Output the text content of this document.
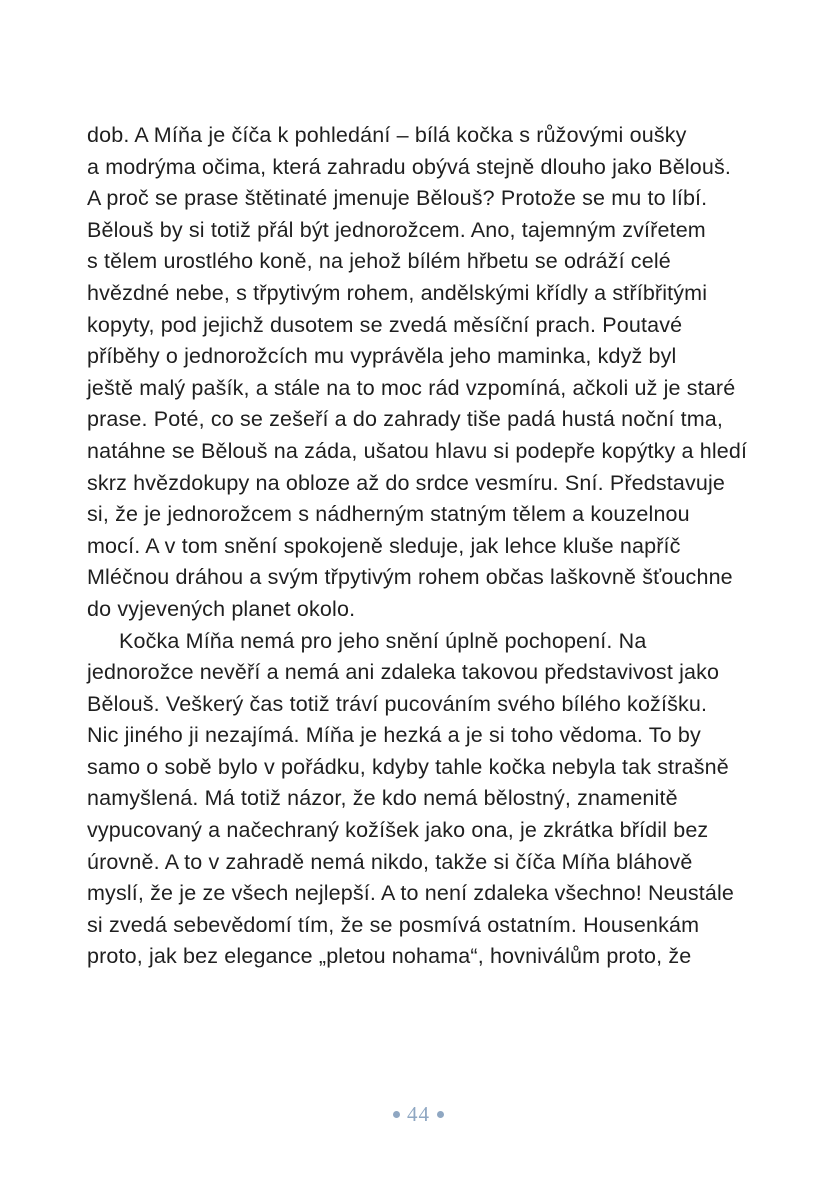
dob. A Míňa je číča k pohledání – bílá kočka s růžovými oušky
a modrýma očima, která zahradu obývá stejně dlouho jako Bělouš.
A proč se prase štětinaté jmenuje Bělouš? Protože se mu to líbí.
Bělouš by si totiž přál být jednorožcem. Ano, tajemným zvířetem
s tělem urostlého koně, na jehož bílém hřbetu se odráží celé
hvězdné nebe, s třpytivým rohem, andělskými křídly a stříbřitými
kopyty, pod jejichž dusotem se zvedá měsíční prach. Poutavé
příběhy o jednorožcích mu vyprávěla jeho maminka, když byl
ještě malý pašík, a stále na to moc rád vzpomíná, ačkoli už je staré
prase. Poté, co se zešeří a do zahrady tiše padá hustá noční tma,
natáhne se Bělouš na záda, ušatou hlavu si podepře kopýtky a hledí
skrz hvězdokupy na obloze až do srdce vesmíru. Sní. Představuje
si, že je jednorožcem s nádherným statným tělem a kouzelnou
mocí. A v tom snění spokojeně sleduje, jak lehce kluše napříč
Mléčnou dráhou a svým třpytivým rohem občas laškovně šťouchne
do vyjevených planet okolo.
Kočka Míňa nemá pro jeho snění úplně pochopení. Na
jednorožce nevěří a nemá ani zdaleka takovou představivost jako
Bělouš. Veškerý čas totiž tráví pucováním svého bílého kožíšku.
Nic jiného ji nezajímá. Míňa je hezká a je si toho vědoma. To by
samo o sobě bylo v pořádku, kdyby tahle kočka nebyla tak strašně
namyšlená. Má totiž názor, že kdo nemá bělostný, znamenitě
vypucovaný a načechraný kožíšek jako ona, je zkrátka břídil bez
úrovně. A to v zahradě nemá nikdo, takže si číča Míňa bláhově
myslí, že je ze všech nejlepší. A to není zdaleka všechno! Neustále
si zvedá sebevědomí tím, že se posmívá ostatním. Housenkám
proto, jak bez elegance „pletou nohama“, hovniválům proto, že
44
